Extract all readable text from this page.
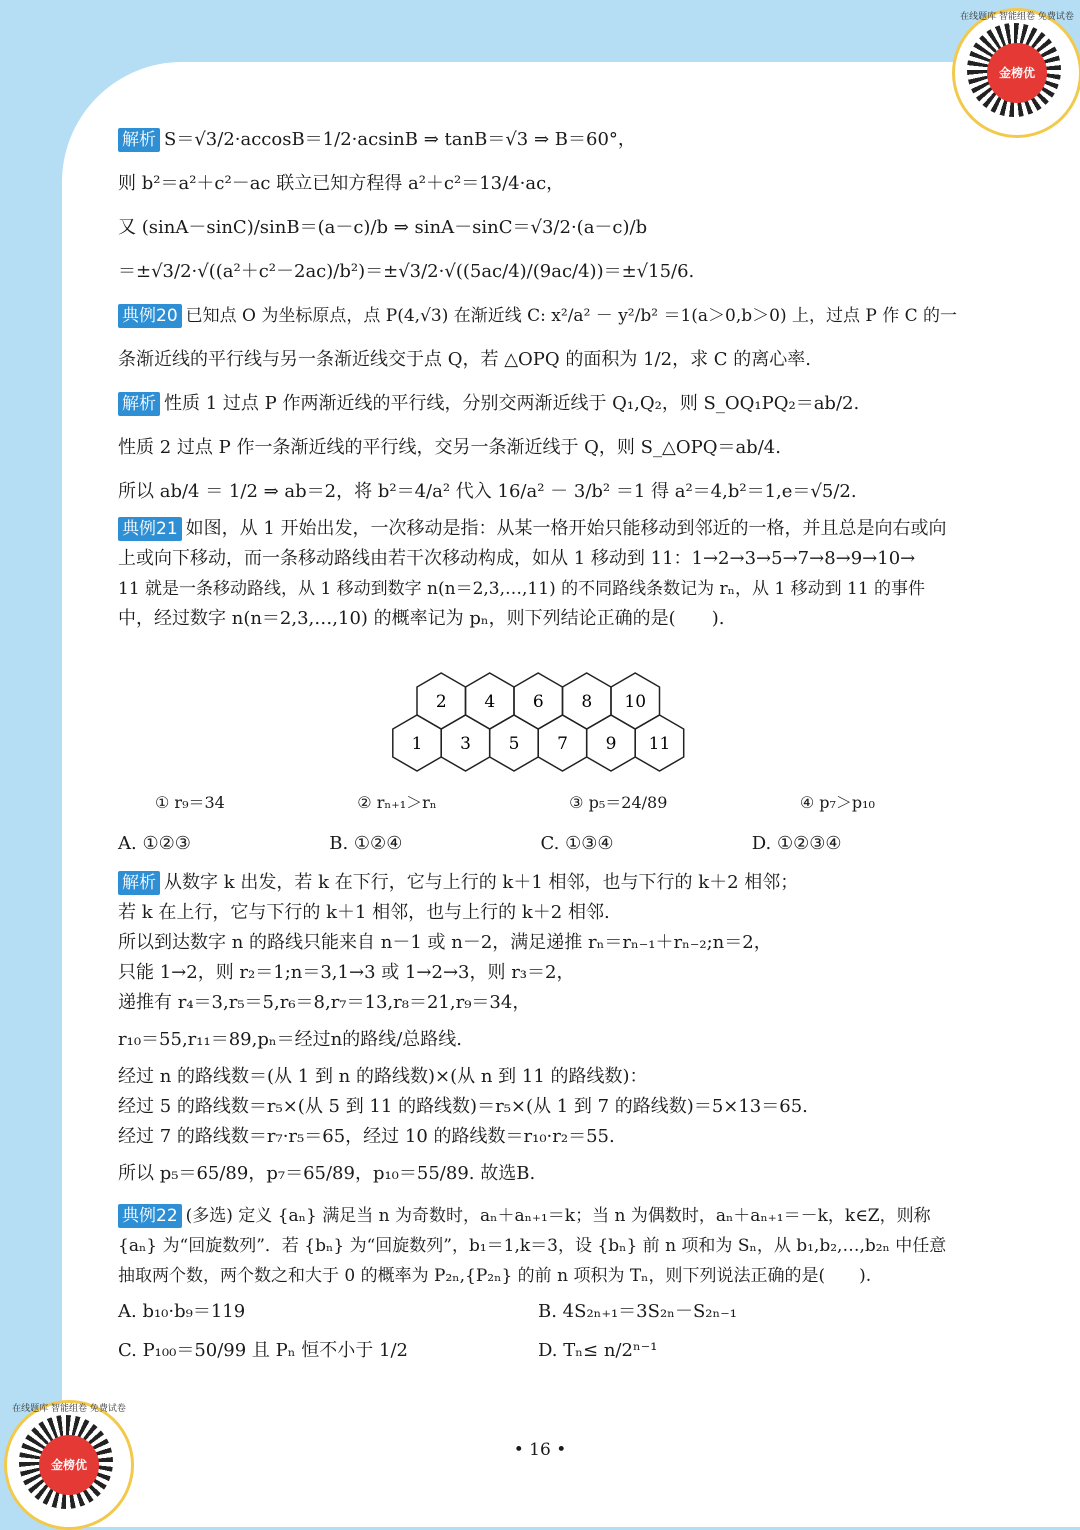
金榜优
在线题库 智能组卷 免费试卷
金榜优
在线题库 智能组卷 免费试卷
解析 S＝√3/2·accosB＝1/2·acsinB ⇒ tanB＝√3 ⇒ B＝60°，
则 b²＝a²＋c²－ac 联立已知方程得 a²＋c²＝13/4·ac，
又 (sinA－sinC)/sinB＝(a－c)/b ⇒ sinA－sinC＝√3/2·(a－c)/b
＝±√3/2·√((a²＋c²－2ac)/b²)＝±√3/2·√((5ac/4)/(9ac/4))＝±√15/6.
典例20 已知点 O 为坐标原点，点 P(4,√3) 在渐近线 C: x²/a² － y²/b² ＝1(a＞0,b＞0) 上，过点 P 作 C 的一
条渐近线的平行线与另一条渐近线交于点 Q，若 △OPQ 的面积为 1/2，求 C 的离心率.
解析 性质 1 过点 P 作两渐近线的平行线，分别交两渐近线于 Q₁,Q₂，则 S_OQ₁PQ₂＝ab/2.
性质 2 过点 P 作一条渐近线的平行线，交另一条渐近线于 Q，则 S_△OPQ＝ab/4.
所以 ab/4 ＝ 1/2 ⇒ ab＝2，将 b²＝4/a² 代入 16/a² － 3/b² ＝1 得 a²＝4,b²＝1,e＝√5/2.
典例21 如图，从 1 开始出发，一次移动是指：从某一格开始只能移动到邻近的一格，并且总是向右或向
上或向下移动，而一条移动路线由若干次移动构成，如从 1 移动到 11：1→2→3→5→7→8→9→10→
11 就是一条移动路线，从 1 移动到数字 n(n＝2,3,…,11) 的不同路线条数记为 rₙ，从 1 移动到 11 的事件
中，经过数字 n(n＝2,3,…,10) 的概率记为 pₙ，则下列结论正确的是(　　).
1
2
3
4
5
6
7
8
9
10
11
① r₉＝34	② rₙ₊₁＞rₙ	③ p₅＝24/89	④ p₇＞p₁₀
A. ①②③	B. ①②④	C. ①③④	D. ①②③④
解析 从数字 k 出发，若 k 在下行，它与上行的 k＋1 相邻，也与下行的 k＋2 相邻；
若 k 在上行，它与下行的 k＋1 相邻，也与上行的 k＋2 相邻.
所以到达数字 n 的路线只能来自 n－1 或 n－2，满足递推 rₙ＝rₙ₋₁＋rₙ₋₂;n＝2，
只能 1→2，则 r₂＝1;n＝3,1→3 或 1→2→3，则 r₃＝2，
递推有 r₄＝3,r₅＝5,r₆＝8,r₇＝13,r₈＝21,r₉＝34，
r₁₀＝55,r₁₁＝89,pₙ＝经过n的路线/总路线.
经过 n 的路线数＝(从 1 到 n 的路线数)×(从 n 到 11 的路线数)：
经过 5 的路线数＝r₅×(从 5 到 11 的路线数)＝r₅×(从 1 到 7 的路线数)＝5×13＝65.
经过 7 的路线数＝r₇·r₅＝65，经过 10 的路线数＝r₁₀·r₂＝55.
所以 p₅＝65/89，p₇＝65/89，p₁₀＝55/89. 故选B.
典例22 (多选) 定义 {aₙ} 满足当 n 为奇数时，aₙ＋aₙ₊₁＝k；当 n 为偶数时，aₙ＋aₙ₊₁＝－k，k∈Z，则称
{aₙ} 为“回旋数列”．若 {bₙ} 为“回旋数列”，b₁＝1,k＝3，设 {bₙ} 前 n 项和为 Sₙ，从 b₁,b₂,…,b₂ₙ 中任意
抽取两个数，两个数之和大于 0 的概率为 P₂ₙ,{P₂ₙ} 的前 n 项积为 Tₙ，则下列说法正确的是(　　).
A. b₁₀·b₉＝119	B. 4S₂ₙ₊₁＝3S₂ₙ－S₂ₙ₋₁
C. P₁₀₀＝50/99 且 Pₙ 恒不小于 1/2	D. Tₙ≤ n/2ⁿ⁻¹
• 16 •
